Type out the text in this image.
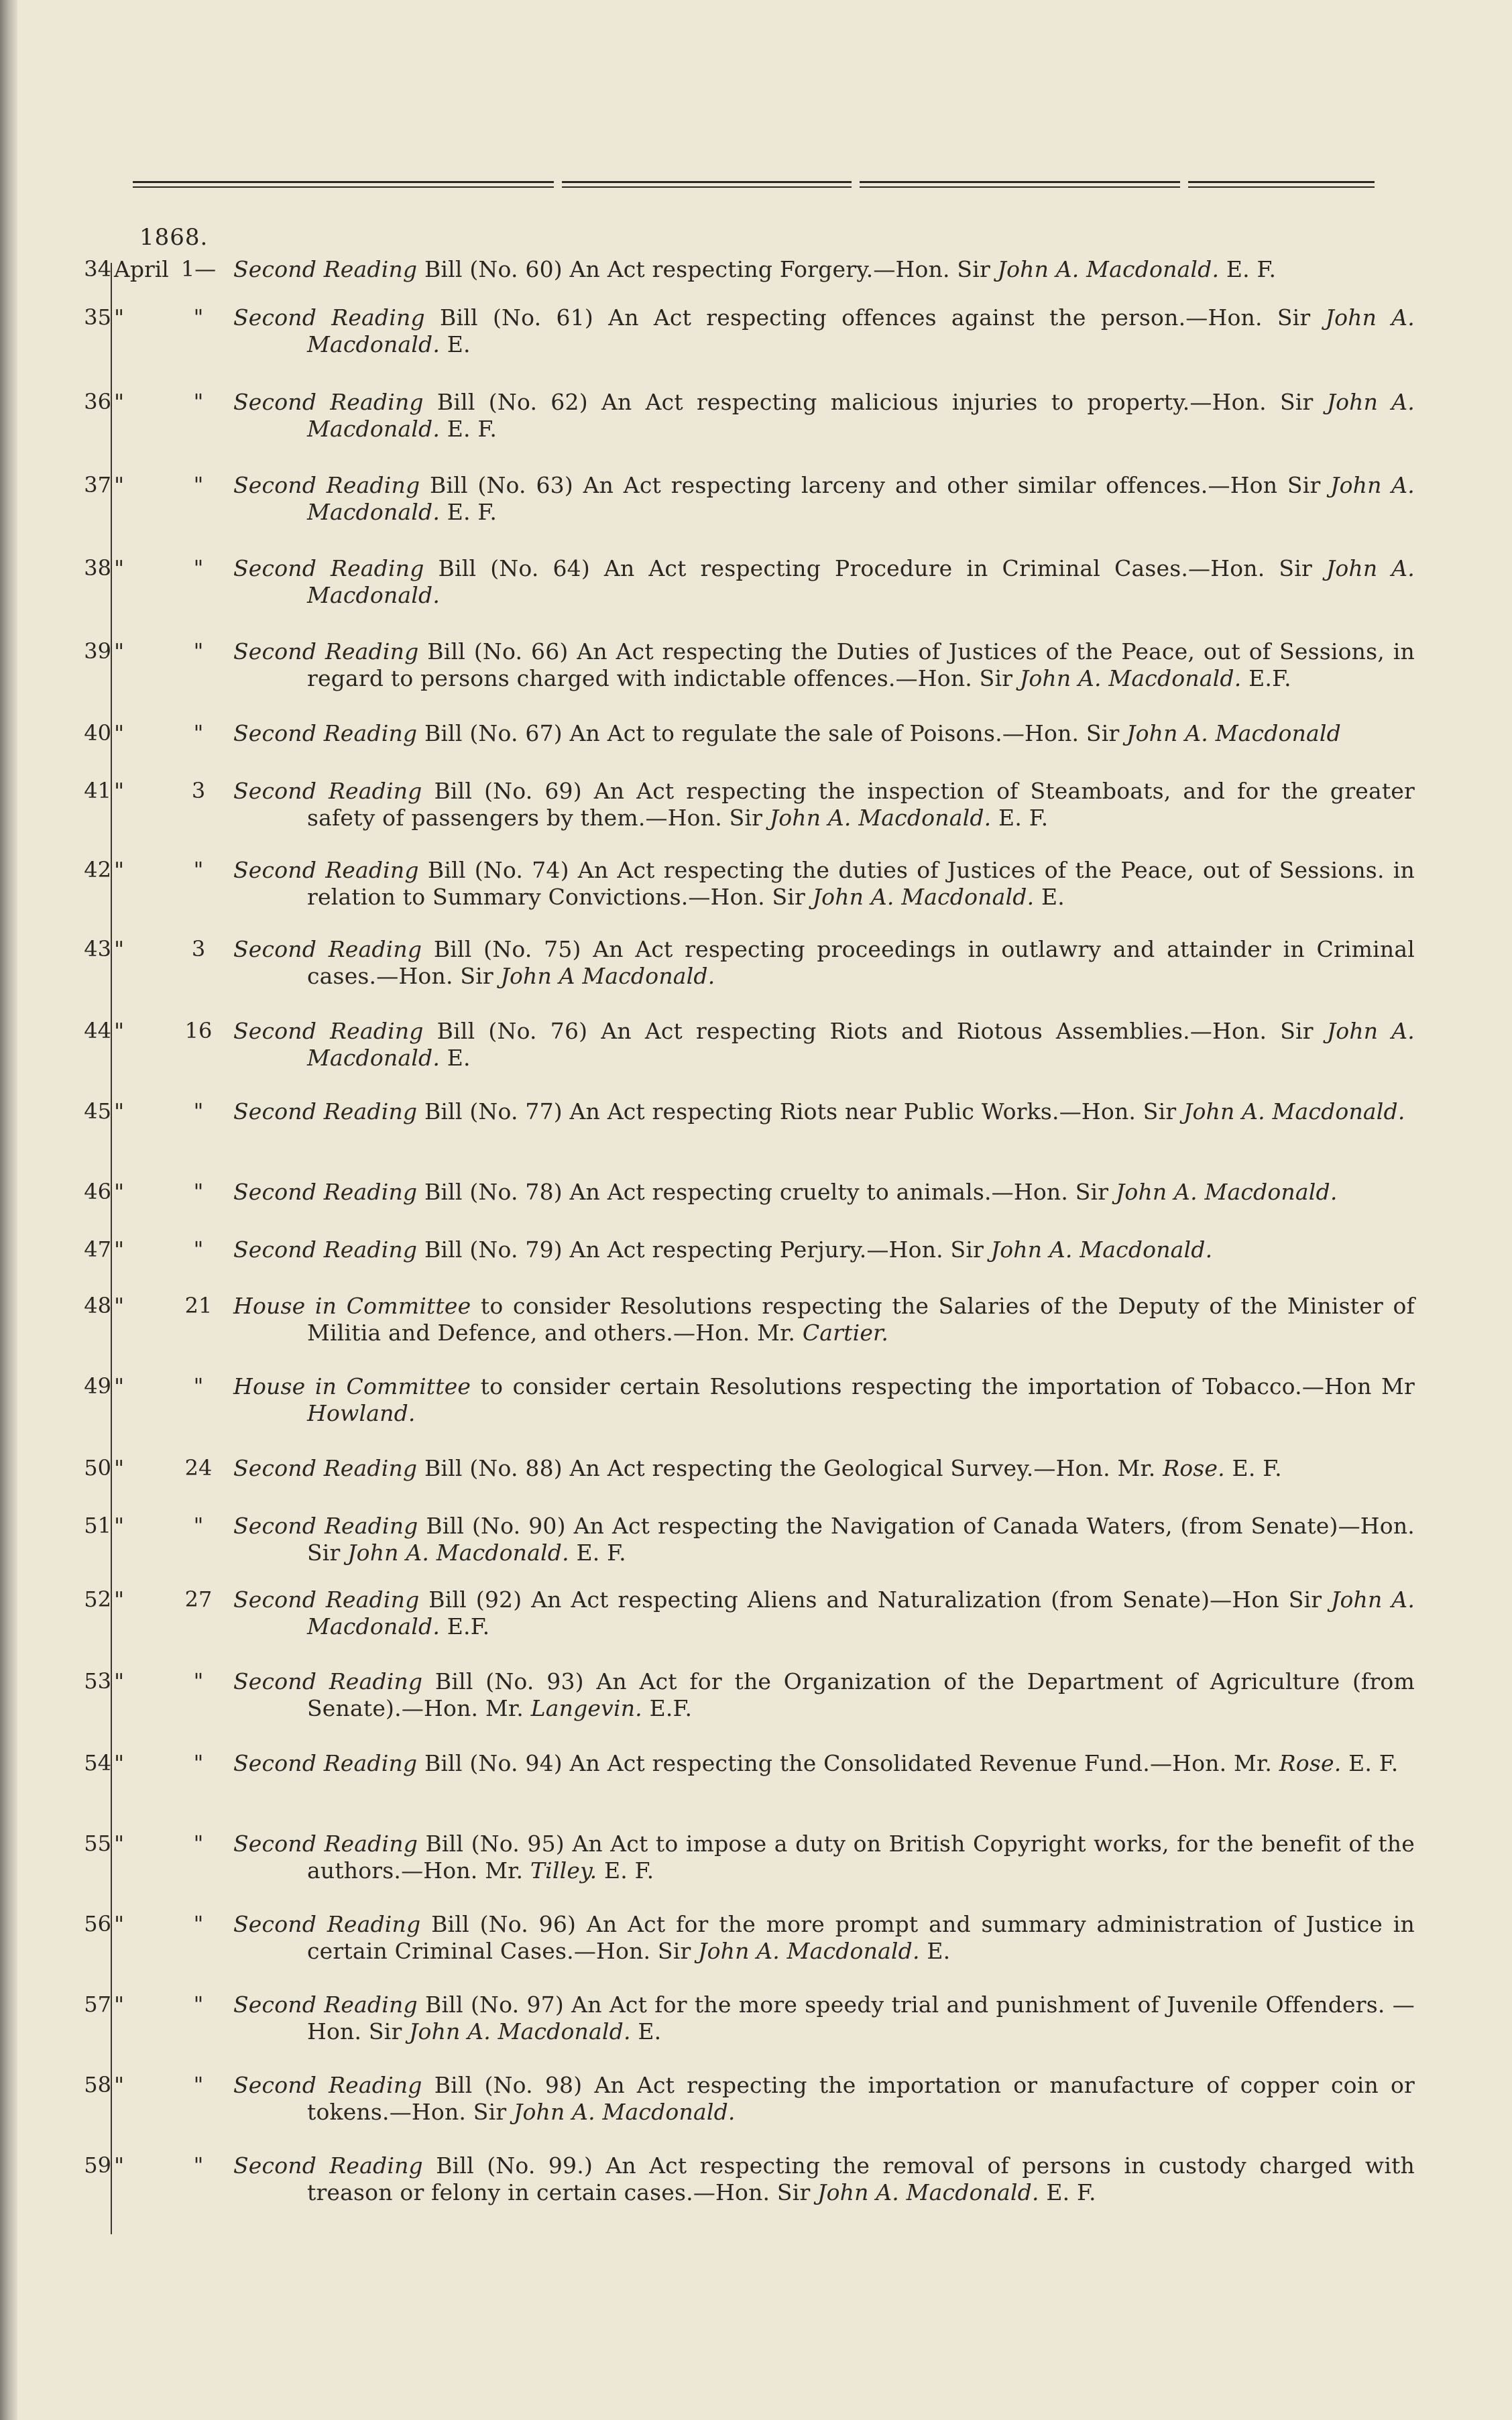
1868.
34 April 1— Second Reading Bill (No. 60) An Act respecting Forgery.—Hon. Sir John A. Macdonald. E. F.
35 "	"	Second Reading Bill (No. 61) An Act respecting offences against the person.—Hon. Sir John A. Macdonald. E.
36 "	"	Second Reading Bill (No. 62) An Act respecting malicious injuries to property.—Hon. Sir John A. Macdonald. E. F.
37 "	"	Second Reading Bill (No. 63) An Act respecting larceny and other similar offences.—Hon Sir John A. Macdonald. E. F.
38 "	"	Second Reading Bill (No. 64) An Act respecting Procedure in Criminal Cases.—Hon. Sir John A. Macdonald.
39 "	"	Second Reading Bill (No. 66) An Act respecting the Duties of Justices of the Peace, out of Sessions, in regard to persons charged with indictable offences.—Hon. Sir John A. Macdonald. E.F.
40 "	"	Second Reading Bill (No. 67) An Act to regulate the sale of Poisons.—Hon. Sir John A. Macdonald
41 "	3	Second Reading Bill (No. 69) An Act respecting the inspection of Steamboats, and for the greater safety of passengers by them.—Hon. Sir John A. Macdonald. E. F.
42 "	"	Second Reading Bill (No. 74) An Act respecting the duties of Justices of the Peace, out of Sessions. in relation to Summary Convictions.—Hon. Sir John A. Macdonald. E.
43 "	3	Second Reading Bill (No. 75) An Act respecting proceedings in outlawry and attainder in Criminal cases.—Hon. Sir John A Macdonald.
44 "	16 Second Reading Bill (No. 76) An Act respecting Riots and Riotous Assemblies.—Hon. Sir John A. Macdonald. E.
45 "	"	Second Reading Bill (No. 77) An Act respecting Riots near Public Works.—Hon. Sir John A. Macdonald.
46 "	"	Second Reading Bill (No. 78) An Act respecting cruelty to animals.—Hon. Sir John A. Macdonald.
47 "	"	Second Reading Bill (No. 79) An Act respecting Perjury.—Hon. Sir John A. Macdonald.
48 "	21 House in Committee to consider Resolutions respecting the Salaries of the Deputy of the Minister of Militia and Defence, and others.—Hon. Mr. Cartier.
49 "	"	House in Committee to consider certain Resolutions respecting the importation of Tobacco.—Hon Mr Howland.
50 "	24 Second Reading Bill (No. 88) An Act respecting the Geological Survey.—Hon. Mr. Rose. E. F.
51 "	"	Second Reading Bill (No. 90) An Act respecting the Navigation of Canada Waters, (from Senate)—Hon. Sir John A. Macdonald. E. F.
52 "	27 Second Reading Bill (92) An Act respecting Aliens and Naturalization (from Senate)—Hon Sir John A. Macdonald. E.F.
53 "	"	Second Reading Bill (No. 93) An Act for the Organization of the Department of Agriculture (from Senate).—Hon. Mr. Langevin. E.F.
54 "	"	Second Reading Bill (No. 94) An Act respecting the Consolidated Revenue Fund.—Hon. Mr. Rose. E. F.
55 "	"	Second Reading Bill (No. 95) An Act to impose a duty on British Copyright works, for the benefit of the authors.—Hon. Mr. Tilley. E. F.
56 "	"	Second Reading Bill (No. 96) An Act for the more prompt and summary administration of Justice in certain Criminal Cases.—Hon. Sir John A. Macdonald. E.
57 "	"	Second Reading Bill (No. 97) An Act for the more speedy trial and punishment of Juvenile Offenders. —Hon. Sir John A. Macdonald. E.
58 "	"	Second Reading Bill (No. 98) An Act respecting the importation or manufacture of copper coin or tokens.—Hon. Sir John A. Macdonald.
59 "	"	Second Reading Bill (No. 99.) An Act respecting the removal of persons in custody charged with treason or felony in certain cases.—Hon. Sir John A. Macdonald. E. F.
